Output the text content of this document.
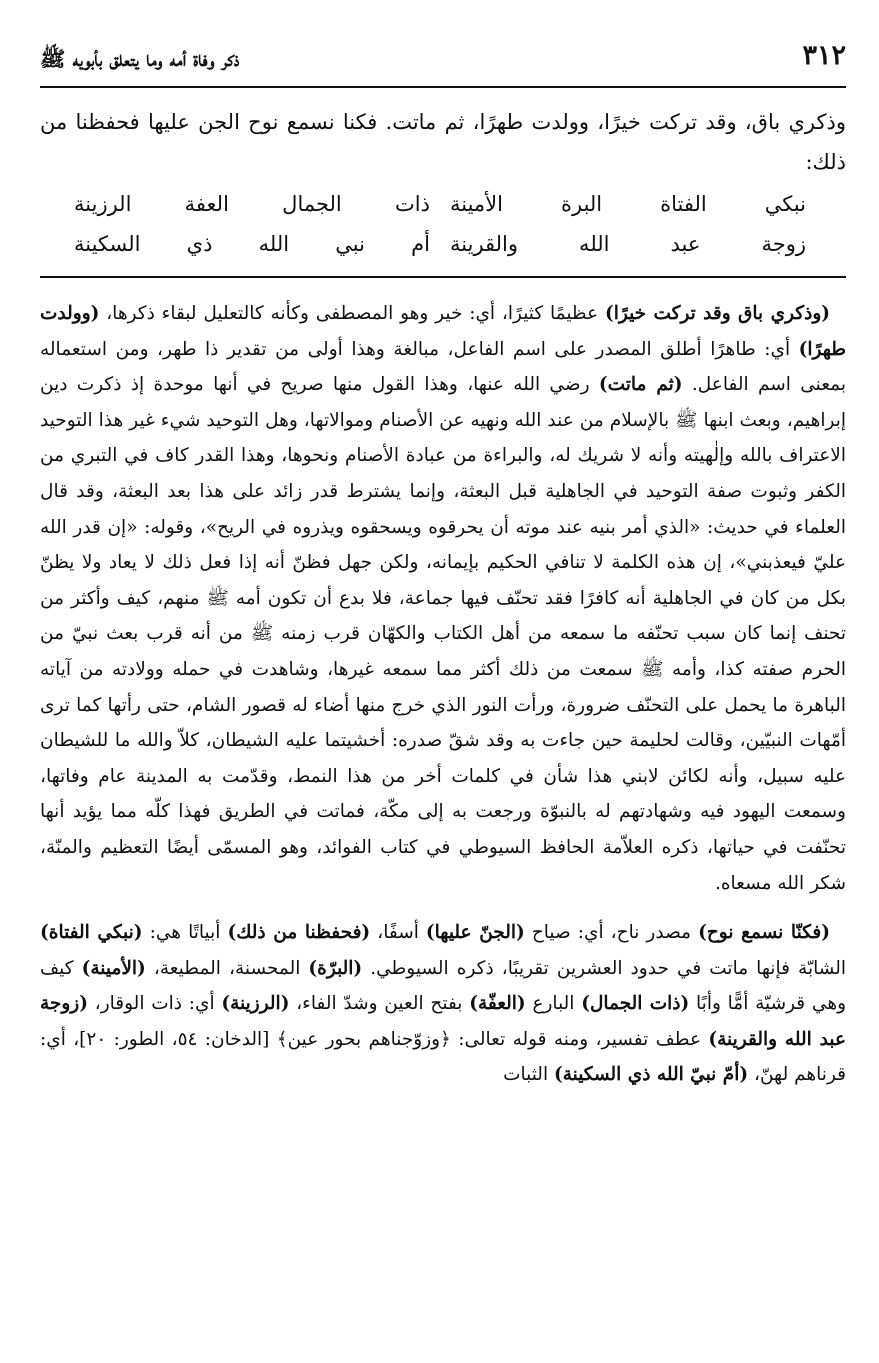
٣١٢
ذكر وفاة أمه وما يتعلق بأبويه ﷺ

وذكري باق، وقد تركت خيرًا، وولدت طهرًا، ثم ماتت. فكنا نسمع نوح الجن عليها فحفظنا من ذلك:

نبكي الفتاة البرة الأمينة
ذات الجمال العفة الرزينة
زوجة عبد الله والقرينة
أم نبي الله ذي السكينة

(وذكري باق وقد تركت خيرًا) عظيمًا كثيرًا، أي: خير وهو المصطفى وكأنه كالتعليل لبقاء ذكرها، (وولدت طهرًا) أي: طاهرًا أطلق المصدر على اسم الفاعل، مبالغة وهذا أولى من تقدير ذا طهر، ومن استعماله بمعنى اسم الفاعل. (ثم ماتت) رضي الله عنها، وهذا القول منها صريح في أنها موحدة إذ ذكرت دين إبراهيم، وبعث ابنها ﷺ بالإسلام من عند الله ونهيه عن الأصنام وموالاتها، وهل التوحيد شيء غير هذا التوحيد الاعتراف بالله وإلٰهيته وأنه لا شريك له، والبراءة من عبادة الأصنام ونحوها، وهذا القدر كاف في التبري من الكفر وثبوت صفة التوحيد في الجاهلية قبل البعثة، وإنما يشترط قدر زائد على هذا بعد البعثة، وقد قال العلماء في حديث: «الذي أمر بنيه عند موته أن يحرقوه ويسحقوه ويذروه في الريح»، وقوله: «إن قدر الله عليّ فيعذبني»، إن هذه الكلمة لا تنافي الحكيم بإيمانه، ولكن جهل فظنّ أنه إذا فعل ذلك لا يعاد ولا يظنّ بكل من كان في الجاهلية أنه كافرًا فقد تحنّف فيها جماعة، فلا بدع أن تكون أمه ﷺ منهم، كيف وأكثر من تحنف إنما كان سبب تحنّفه ما سمعه من أهل الكتاب والكهّان قرب زمنه ﷺ من أنه قرب بعث نبيّ من الحرم صفته كذا، وأمه ﷺ سمعت من ذلك أكثر مما سمعه غيرها، وشاهدت في حمله وولادته من آياته الباهرة ما يحمل على التحنّف ضرورة، ورأت النور الذي خرج منها أضاء له قصور الشام، حتى رأتها كما ترى أمّهات النبيّين، وقالت لحليمة حين جاءت به وقد شقّ صدره: أخشيتما عليه الشيطان، كلاّ والله ما للشيطان عليه سبيل، وأنه لكائن لابني هذا شأن في كلمات أخر من هذا النمط، وقدّمت به المدينة عام وفاتها، وسمعت اليهود فيه وشهادتهم له بالنبوّة ورجعت به إلى مكّة، فماتت في الطريق فهذا كلّه مما يؤيد أنها تحنّفت في حياتها، ذكره العلاّمة الحافظ السيوطي في كتاب الفوائد، وهو المسمّى أيضًا التعظيم والمنّة، شكر الله مسعاه.

(فكنّا نسمع نوح) مصدر ناح، أي: صياح (الجنّ عليها) أسفًا، (فحفظنا من ذلك) أبياتًا هي: (نبكي الفتاة) الشابّة فإنها ماتت في حدود العشرين تقريبًا، ذكره السيوطي. (البرّة) المحسنة، المطيعة، (الأمينة) كيف وهي قرشيّة أمًّا وأبًا (ذات الجمال) البارع (العفّة) بفتح العين وشدّ الفاء، (الرزينة) أي: ذات الوقار، (زوجة عبد الله والقرينة) عطف تفسير، ومنه قوله تعالى: ﴿وزوّجناهم بحور عين﴾ [الدخان: ٥٤، الطور: ٢٠]، أي: قرناهم لهنّ، (أمّ نبيّ الله ذي السكينة) الثبات
